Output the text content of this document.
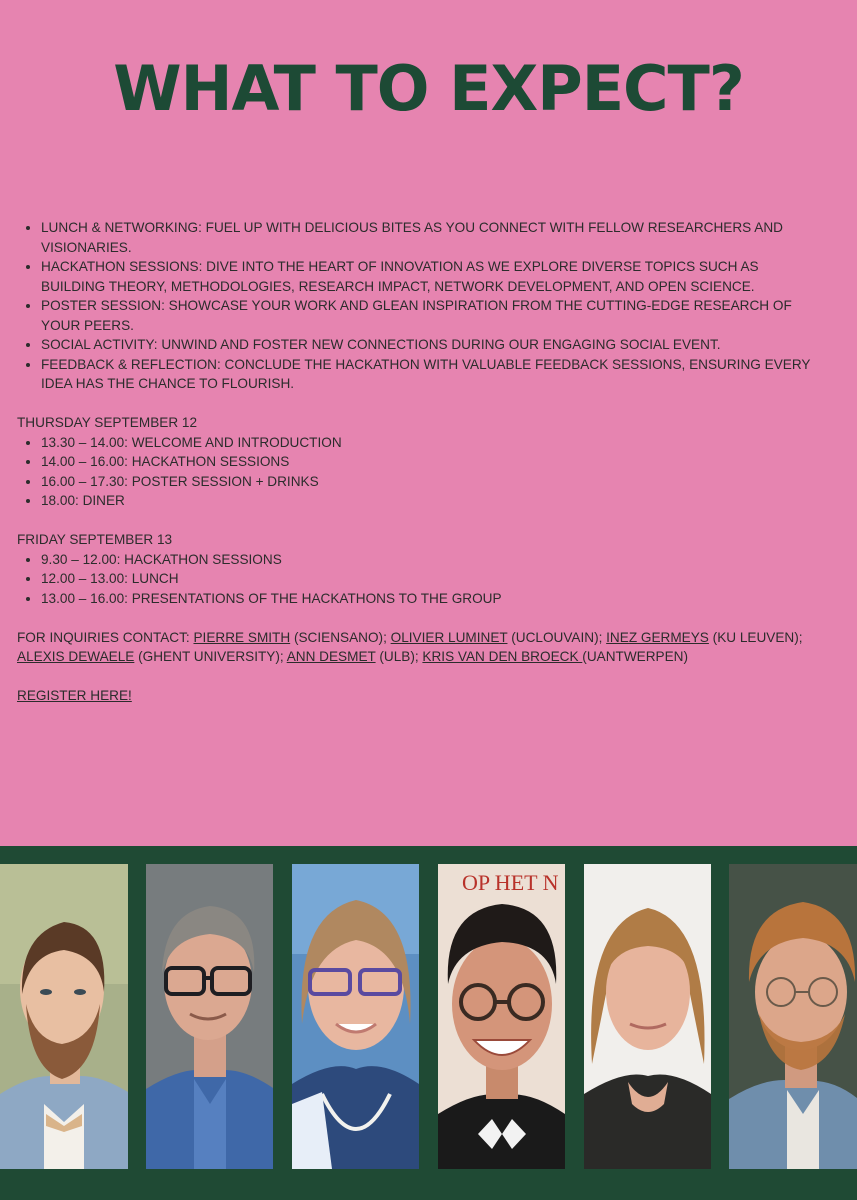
WHAT TO EXPECT?
• LUNCH & NETWORKING: FUEL UP WITH DELICIOUS BITES AS YOU CONNECT WITH FELLOW RESEARCHERS AND VISIONARIES.
• HACKATHON SESSIONS: DIVE INTO THE HEART OF INNOVATION AS WE EXPLORE DIVERSE TOPICS SUCH AS BUILDING THEORY, METHODOLOGIES, RESEARCH IMPACT, NETWORK DEVELOPMENT, AND OPEN SCIENCE.
• POSTER SESSION: SHOWCASE YOUR WORK AND GLEAN INSPIRATION FROM THE CUTTING-EDGE RESEARCH OF YOUR PEERS.
• SOCIAL ACTIVITY: UNWIND AND FOSTER NEW CONNECTIONS DURING OUR ENGAGING SOCIAL EVENT.
• FEEDBACK & REFLECTION: CONCLUDE THE HACKATHON WITH VALUABLE FEEDBACK SESSIONS, ENSURING EVERY IDEA HAS THE CHANCE TO FLOURISH.

THURSDAY SEPTEMBER 12

• 13.30 – 14.00: WELCOME AND INTRODUCTION
• 14.00 – 16.00: HACKATHON SESSIONS
• 16.00 – 17.30: POSTER SESSION + DRINKS
• 18.00: DINER

FRIDAY SEPTEMBER 13

• 9.30 – 12.00: HACKATHON SESSIONS
• 12.00 – 13.00: LUNCH
• 13.00 – 16.00: PRESENTATIONS OF THE HACKATHONS TO THE GROUP

FOR INQUIRIES CONTACT: PIERRE SMITH (SCIENSANO); OLIVIER LUMINET (UCLOUVAIN); INEZ GERMEYS (KU LEUVEN); ALEXIS DEWAELE (GHENT UNIVERSITY); ANN DESMET (ULB); KRIS VAN DEN BROECK (UANTWERPEN)

REGISTER HERE!

OP HET N
